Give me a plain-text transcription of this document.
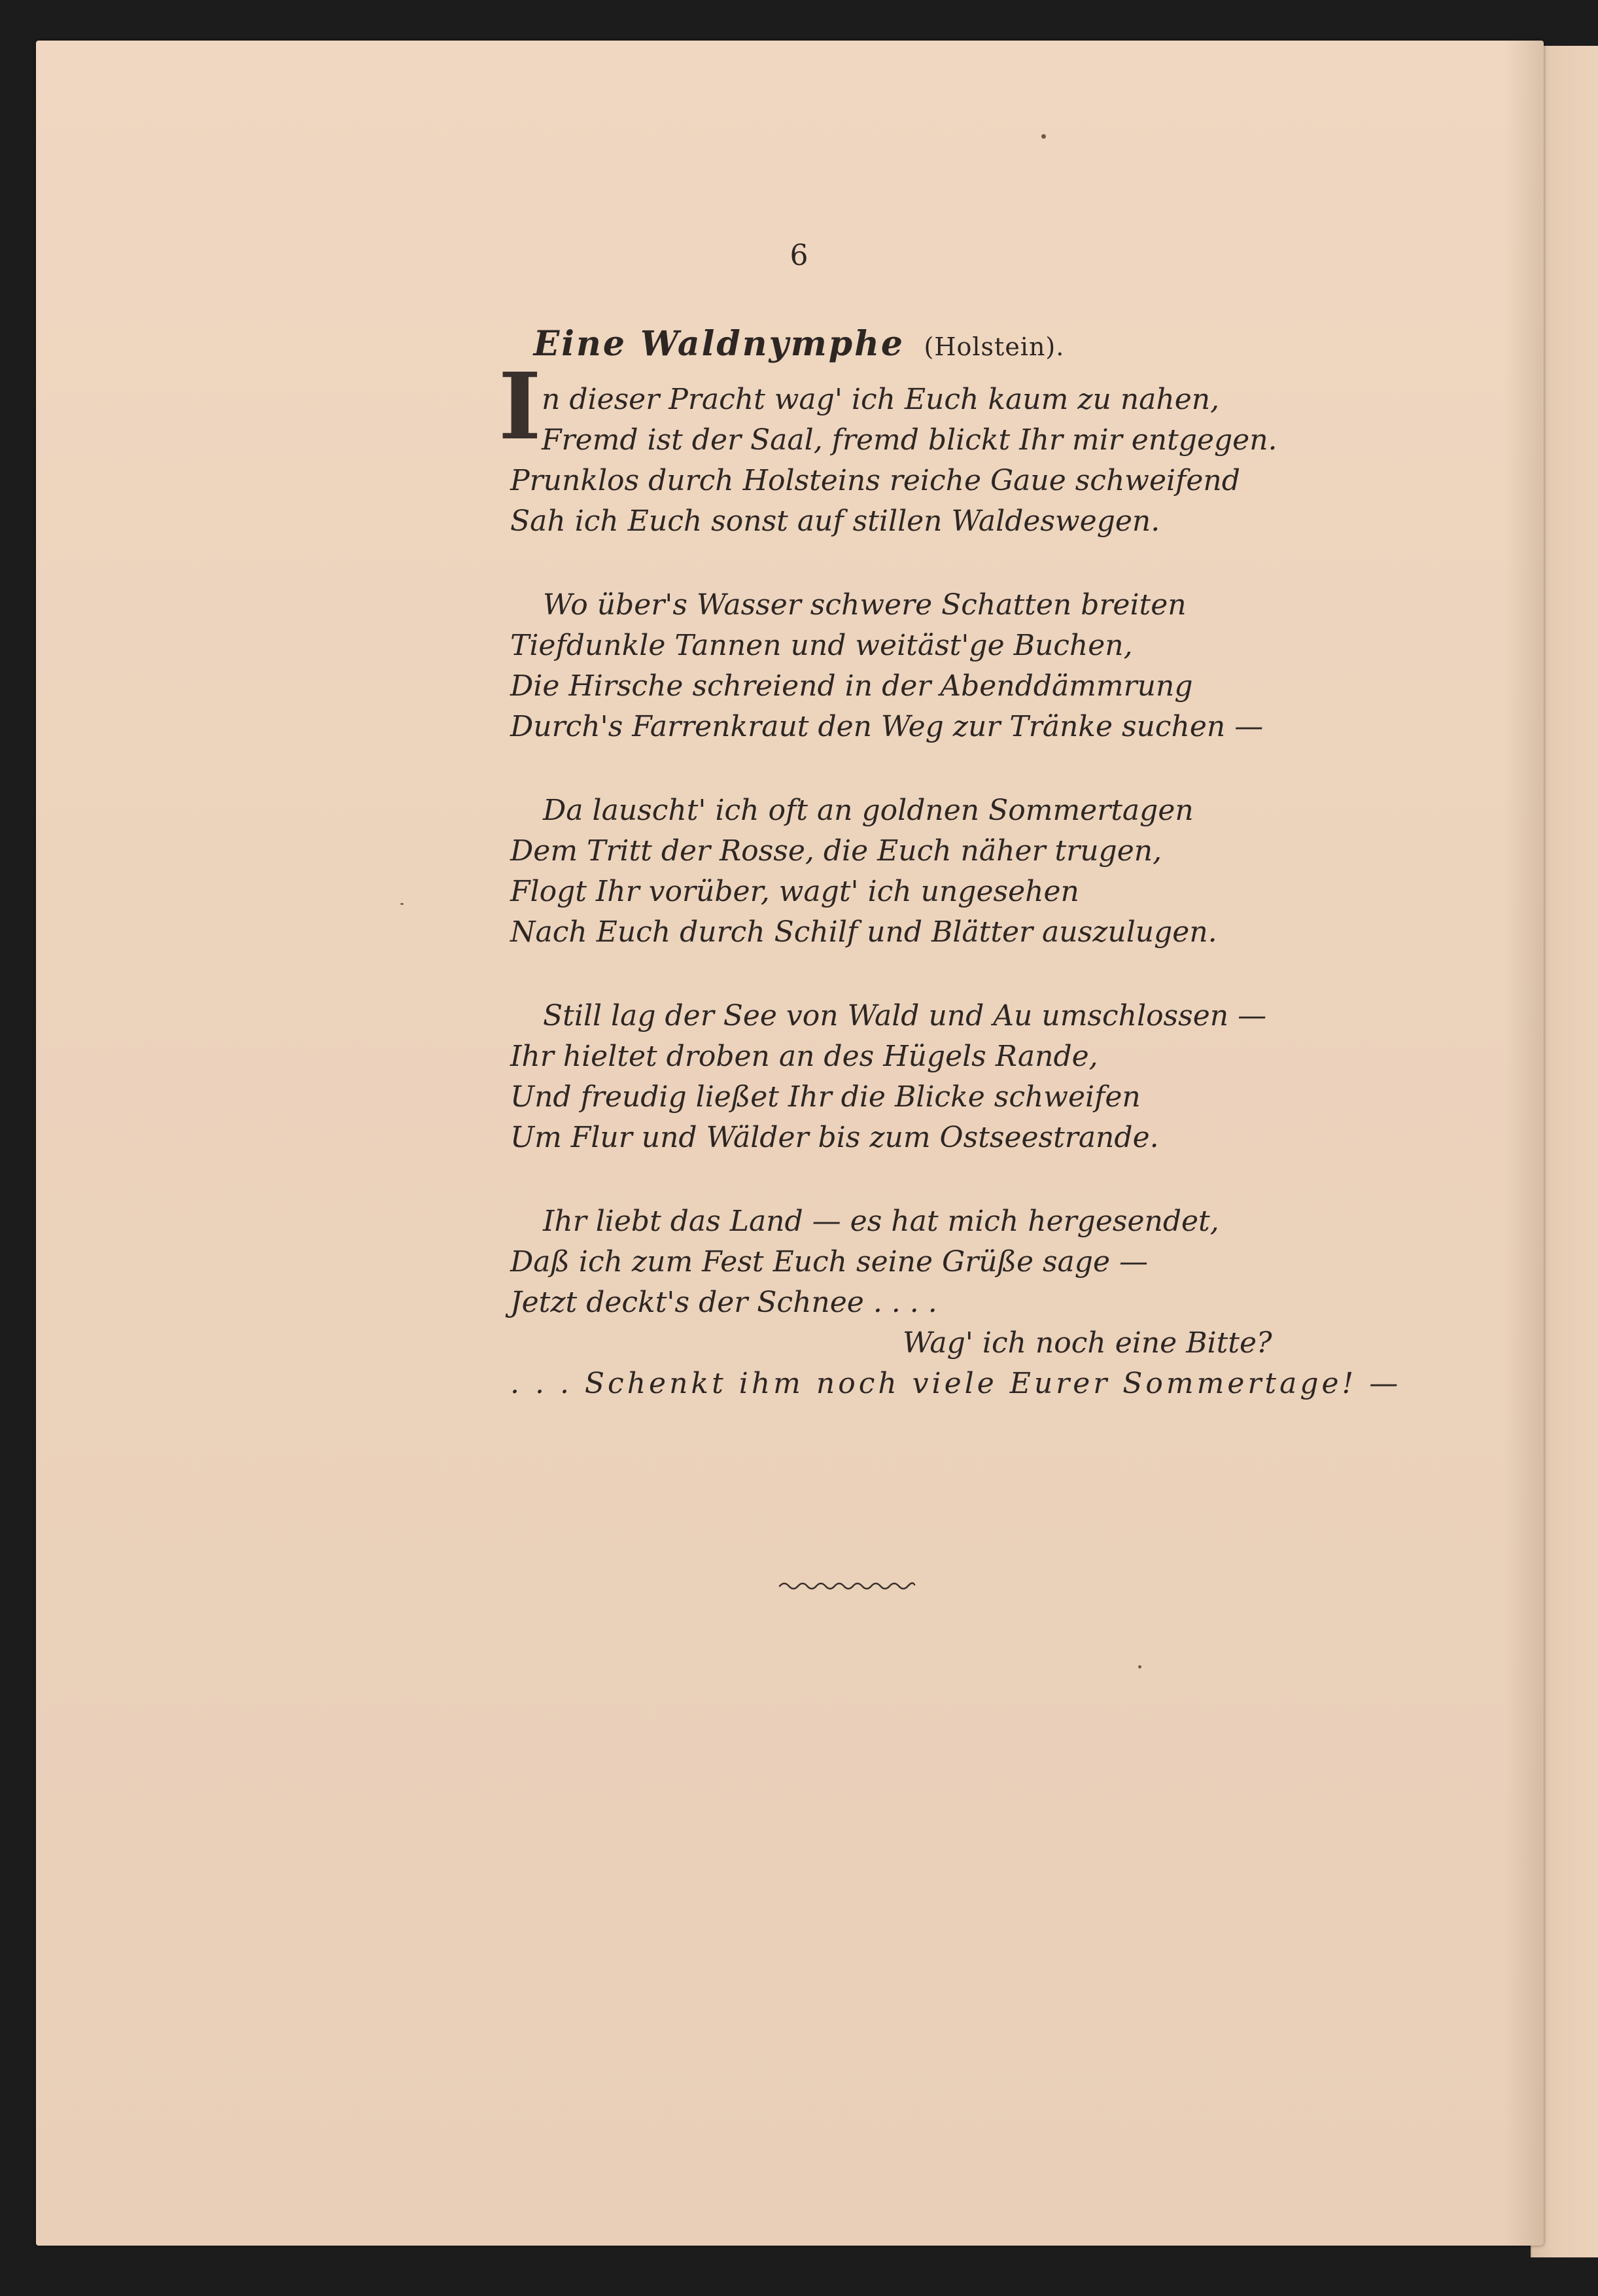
6
Eine Waldnymphe (Holstein).
I n dieser Pracht wag' ich Euch kaum zu nahen,
Fremd ist der Saal, fremd blickt Ihr mir entgegen.
Prunklos durch Holsteins reiche Gaue schweifend
Sah ich Euch sonst auf stillen Waldeswegen.
Wo über's Wasser schwere Schatten breiten
Tiefdunkle Tannen und weitäst'ge Buchen,
Die Hirsche schreiend in der Abenddämmrung
Durch's Farrenkraut den Weg zur Tränke suchen —
Da lauscht' ich oft an goldnen Sommertagen
Dem Tritt der Rosse, die Euch näher trugen,
Flogt Ihr vorüber, wagt' ich ungesehen
Nach Euch durch Schilf und Blätter auszulugen.
Still lag der See von Wald und Au umschlossen —
Ihr hieltet droben an des Hügels Rande,
Und freudig ließet Ihr die Blicke schweifen
Um Flur und Wälder bis zum Ostseestrande.
Ihr liebt das Land — es hat mich hergesendet,
Daß ich zum Fest Euch seine Grüße sage —
Jetzt deckt's der Schnee . . . .
Wag' ich noch eine Bitte?
. . . Schenkt ihm noch viele Eurer Sommertage! —
